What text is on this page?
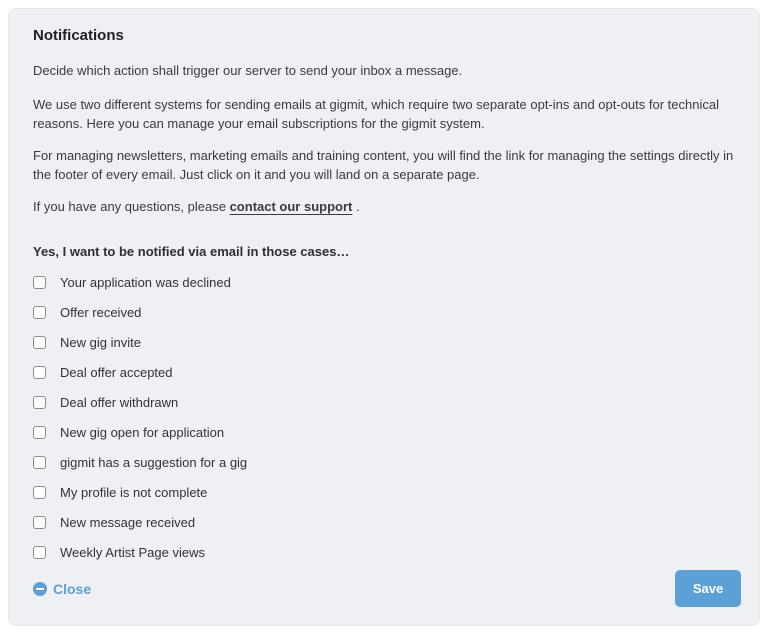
Notifications

Decide which action shall trigger our server to send your inbox a message.

We use two different systems for sending emails at gigmit, which require two separate opt-ins and opt-outs for technical reasons. Here you can manage your email subscriptions for the gigmit system.

For managing newsletters, marketing emails and training content, you will find the link for managing the settings directly in the footer of every email. Just click on it and you will land on a separate page.

If you have any questions, please contact our support .

Yes, I want to be notified via email in those cases…

Your application was declined
Offer received
New gig invite
Deal offer accepted
Deal offer withdrawn
New gig open for application
gigmit has a suggestion for a gig
My profile is not complete
New message received
Weekly Artist Page views
Close	Save
